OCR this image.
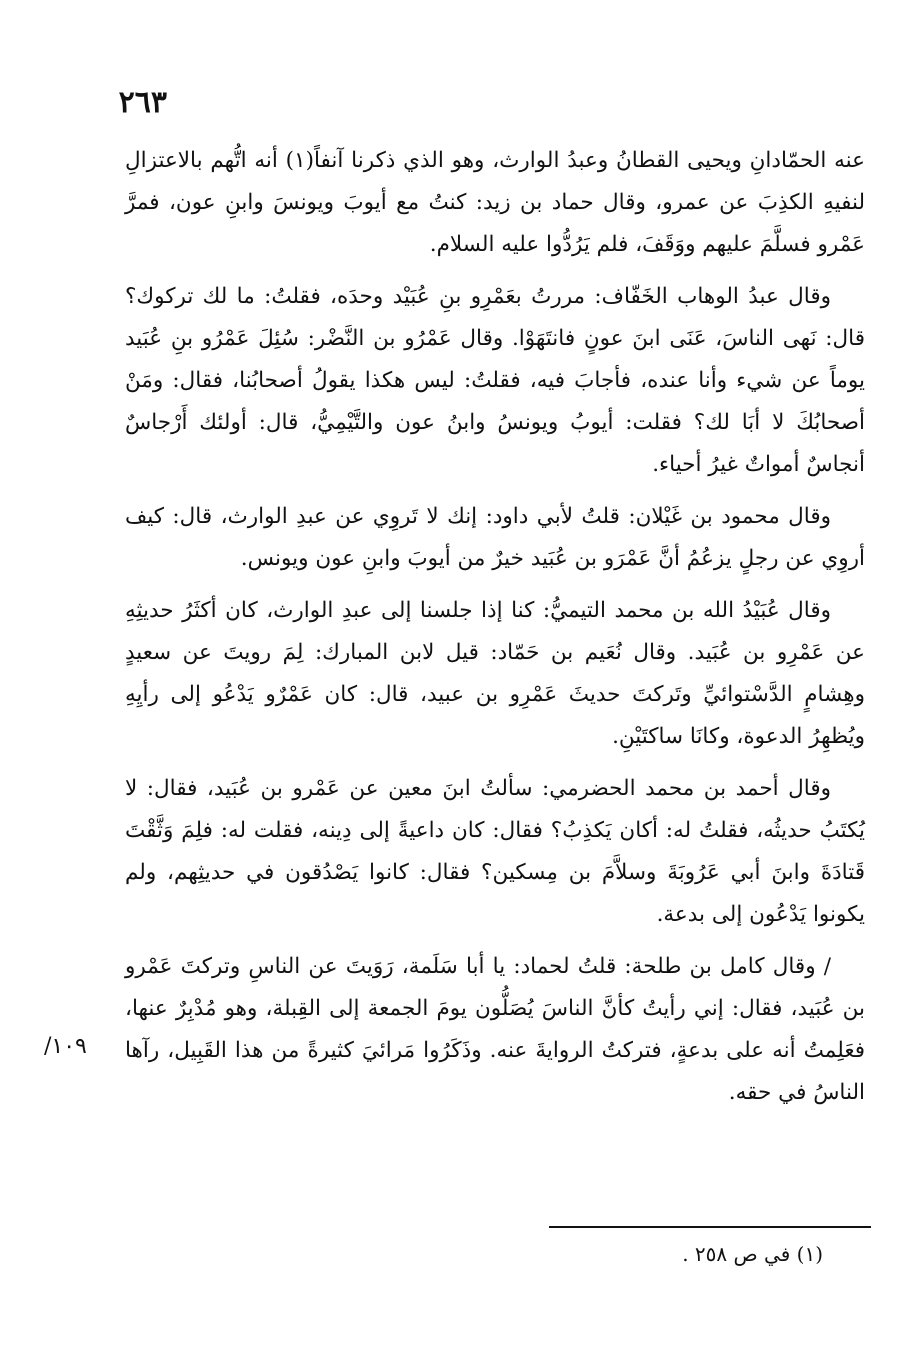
٢٦٣

عنه الحمّادانِ ويحيى القطانُ وعبدُ الوارث، وهو الذي ذكرنا آنفاً(١) أنه اتُّهم بالاعتزالِ لنفيهِ الكذِبَ عن عمرو، وقال حماد بن زيد: كنتُ مع أيوبَ ويونسَ وابنِ عون، فمرَّ عَمْرو فسلَّمَ عليهم ووَقَفَ، فلم يَرُدُّوا عليه السلام.

وقال عبدُ الوهاب الخَفّاف: مررتُ بعَمْرِو بنِ عُبَيْد وحدَه، فقلتُ: ما لك تركوك؟ قال: نَهى الناسَ، عَنَى ابنَ عونٍ فانتَهَوْا. وقال عَمْرُو بن النَّضْر: سُئِلَ عَمْرُو بنِ عُبَيد يوماً عن شيء وأنا عنده، فأجابَ فيه، فقلتُ: ليس هكذا يقولُ أصحابُنا، فقال: ومَنْ أصحابُكَ لا أبَا لك؟ فقلت: أيوبُ ويونسُ وابنُ عون والتَّيْمِيُّ، قال: أولئك أَرْجاسٌ أنجاسٌ أمواتٌ غيرُ أحياء.

وقال محمود بن غَيْلان: قلتُ لأبي داود: إنك لا تَروِي عن عبدِ الوارث، قال: كيف أروِي عن رجلٍ يزعُمُ أنَّ عَمْرَو بن عُبَيد خيرٌ من أيوبَ وابنِ عون ويونس.

وقال عُبَيْدُ الله بن محمد التيميُّ: كنا إذا جلسنا إلى عبدِ الوارث، كان أكثَرُ حديثِهِ عن عَمْرِو بن عُبَيد. وقال نُعَيم بن حَمّاد: قيل لابن المبارك: لِمَ رويتَ عن سعيدٍ وهِشامٍ الدَّسْتوائيِّ وتَركتَ حديثَ عَمْرِو بن عبيد، قال: كان عَمْرٌو يَدْعُو إلى رأيِهِ ويُظهِرُ الدعوة، وكانَا ساكتَيْنِ.

وقال أحمد بن محمد الحضرمي: سألتُ ابنَ معين عن عَمْرو بن عُبَيد، فقال: لا يُكتَبُ حديثُه، فقلتُ له: أكان يَكذِبُ؟ فقال: كان داعيةً إلى دِينه، فقلت له: فلِمَ وَثَّقْتَ قَتادَةَ وابنَ أبي عَرُوبَةَ وسلاَّمَ بن مِسكين؟ فقال: كانوا يَصْدُقون في حديثِهم، ولم يكونوا يَدْعُون إلى بدعة.

/ وقال كامل بن طلحة: قلتُ لحماد: يا أبا سَلَمة، رَوَيتَ عن الناسِ وتركتَ عَمْرو بن عُبَيد، فقال: إني رأيتُ كأنَّ الناسَ يُصَلُّون يومَ الجمعة إلى القِبلة، وهو مُدْبِرٌ عنها، فعَلِمتُ أنه على بدعةٍ، فتركتُ الروايةَ عنه. وذَكَرُوا مَرائيَ كثيرةً من هذا القَبِيل، رآها الناسُ في حقه.

١٠٩/
(١) في ص ٢٥٨ .
